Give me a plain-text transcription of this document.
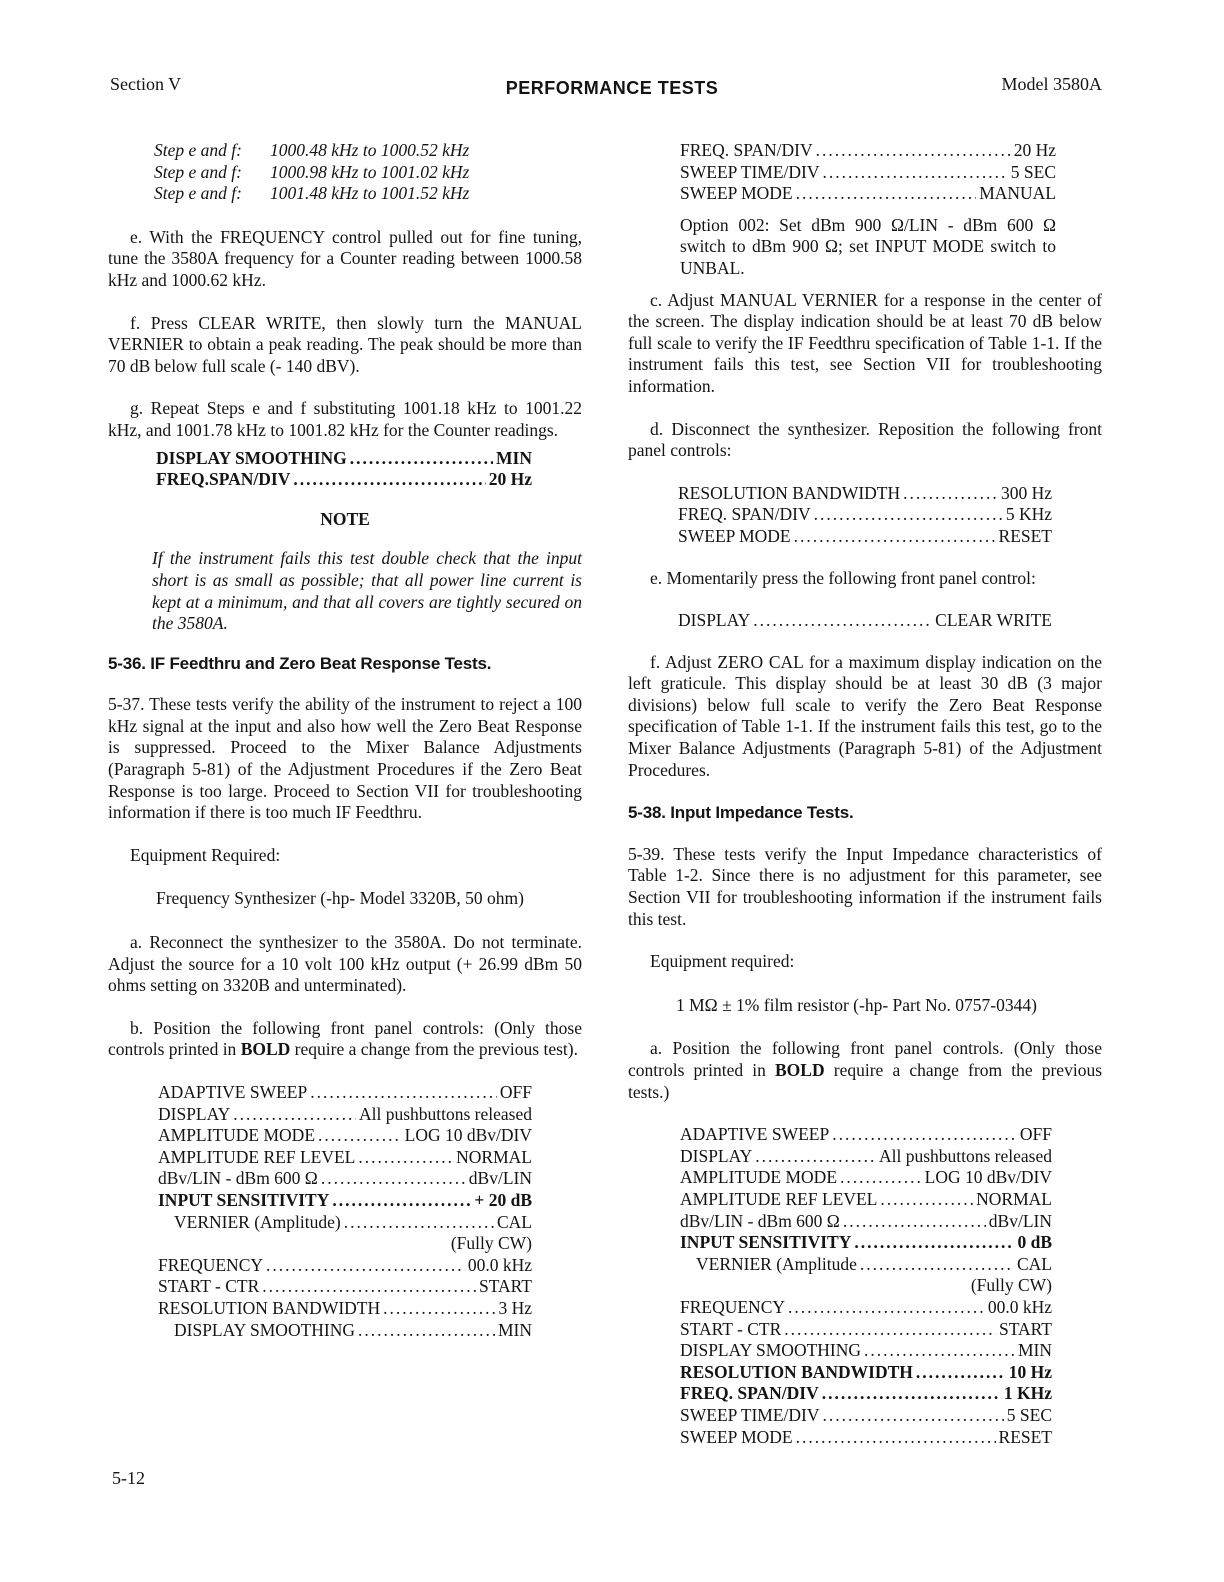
Section V	PERFORMANCE TESTS	Model 3580A
Step e and f: 1000.48 kHz to 1000.52 kHz
Step e and f: 1000.98 kHz to 1001.02 kHz
Step e and f: 1001.48 kHz to 1001.52 kHz

e. With the FREQUENCY control pulled out for fine tuning, tune the 3580A frequency for a Counter reading between 1000.58 kHz and 1000.62 kHz.

f. Press CLEAR WRITE, then slowly turn the MANUAL VERNIER to obtain a peak reading. The peak should be more than 70 dB below full scale (- 140 dBV).

g. Repeat Steps e and f substituting 1001.18 kHz to 1001.22 kHz, and 1001.78 kHz to 1001.82 kHz for the Counter readings.

DISPLAY SMOOTHING .....	MIN
FREQ.SPAN/DIV .....	20 Hz
NOTE

If the instrument fails this test double check that the input short is as small as possible; that all power line current is kept at a minimum, and that all covers are tightly secured on the 3580A.

5-36. IF Feedthru and Zero Beat Response Tests.

5-37. These tests verify the ability of the instrument to reject a 100 kHz signal at the input and also how well the Zero Beat Response is suppressed. Proceed to the Mixer Balance Adjustments (Paragraph 5-81) of the Adjustment Procedures if the Zero Beat Response is too large. Proceed to Section VII for troubleshooting information if there is too much IF Feedthru.

Equipment Required:
Frequency Synthesizer (-hp- Model 3320B, 50 ohm)

a. Reconnect the synthesizer to the 3580A. Do not terminate. Adjust the source for a 10 volt 100 kHz output (+ 26.99 dBm 50 ohms setting on 3320B and unterminated).

b. Position the following front panel controls: (Only those controls printed in BOLD require a change from the previous test).

ADAPTIVE SWEEP .....	OFF
DISPLAY .....	All pushbuttons released
AMPLITUDE MODE .....	LOG 10 dBv/DIV
AMPLITUDE REF LEVEL .....	NORMAL
dBv/LIN - dBm 600 Ω .....	dBv/LIN
INPUT SENSITIVITY .....	+ 20 dB
VERNIER (Amplitude) .....	CAL
(Fully CW)
FREQUENCY .....	00.0 kHz
START - CTR .....	START
RESOLUTION BANDWIDTH .....	3 Hz
DISPLAY SMOOTHING .....	MIN
FREQ. SPAN/DIV .....	20 Hz
SWEEP TIME/DIV .....	5 SEC
SWEEP MODE .....	MANUAL

Option 002: Set dBm 900 Ω/LIN - dBm 600 Ω switch to dBm 900 Ω; set INPUT MODE switch to UNBAL.

c. Adjust MANUAL VERNIER for a response in the center of the screen. The display indication should be at least 70 dB below full scale to verify the IF Feedthru specification of Table 1-1. If the instrument fails this test, see Section VII for troubleshooting information.

d. Disconnect the synthesizer. Reposition the following front panel controls:

RESOLUTION BANDWIDTH .....	300 Hz
FREQ. SPAN/DIV .....	5 KHz
SWEEP MODE .....	RESET

e. Momentarily press the following front panel control:

DISPLAY .....	CLEAR WRITE

f. Adjust ZERO CAL for a maximum display indication on the left graticule. This display should be at least 30 dB (3 major divisions) below full scale to verify the Zero Beat Response specification of Table 1-1. If the instrument fails this test, go to the Mixer Balance Adjustments (Paragraph 5-81) of the Adjustment Procedures.

5-38. Input Impedance Tests.

5-39. These tests verify the Input Impedance characteristics of Table 1-2. Since there is no adjustment for this parameter, see Section VII for troubleshooting information if the instrument fails this test.

Equipment required:
1 MΩ ± 1% film resistor (-hp- Part No. 0757-0344)

a. Position the following front panel controls. (Only those controls printed in BOLD require a change from the previous tests.)

ADAPTIVE SWEEP .....	OFF
DISPLAY .....	All pushbuttons released
AMPLITUDE MODE .....	LOG 10 dBv/DIV
AMPLITUDE REF LEVEL .....	NORMAL
dBv/LIN - dBm 600 Ω .....	dBv/LIN
INPUT SENSITIVITY .....	0 dB
VERNIER (Amplitude .....	CAL
(Fully CW)
FREQUENCY .....	00.0 kHz
START - CTR .....	START
DISPLAY SMOOTHING .....	MIN
RESOLUTION BANDWIDTH .....	10 Hz
FREQ. SPAN/DIV .....	1 KHz
SWEEP TIME/DIV .....	5 SEC
SWEEP MODE .....	RESET
5-12
